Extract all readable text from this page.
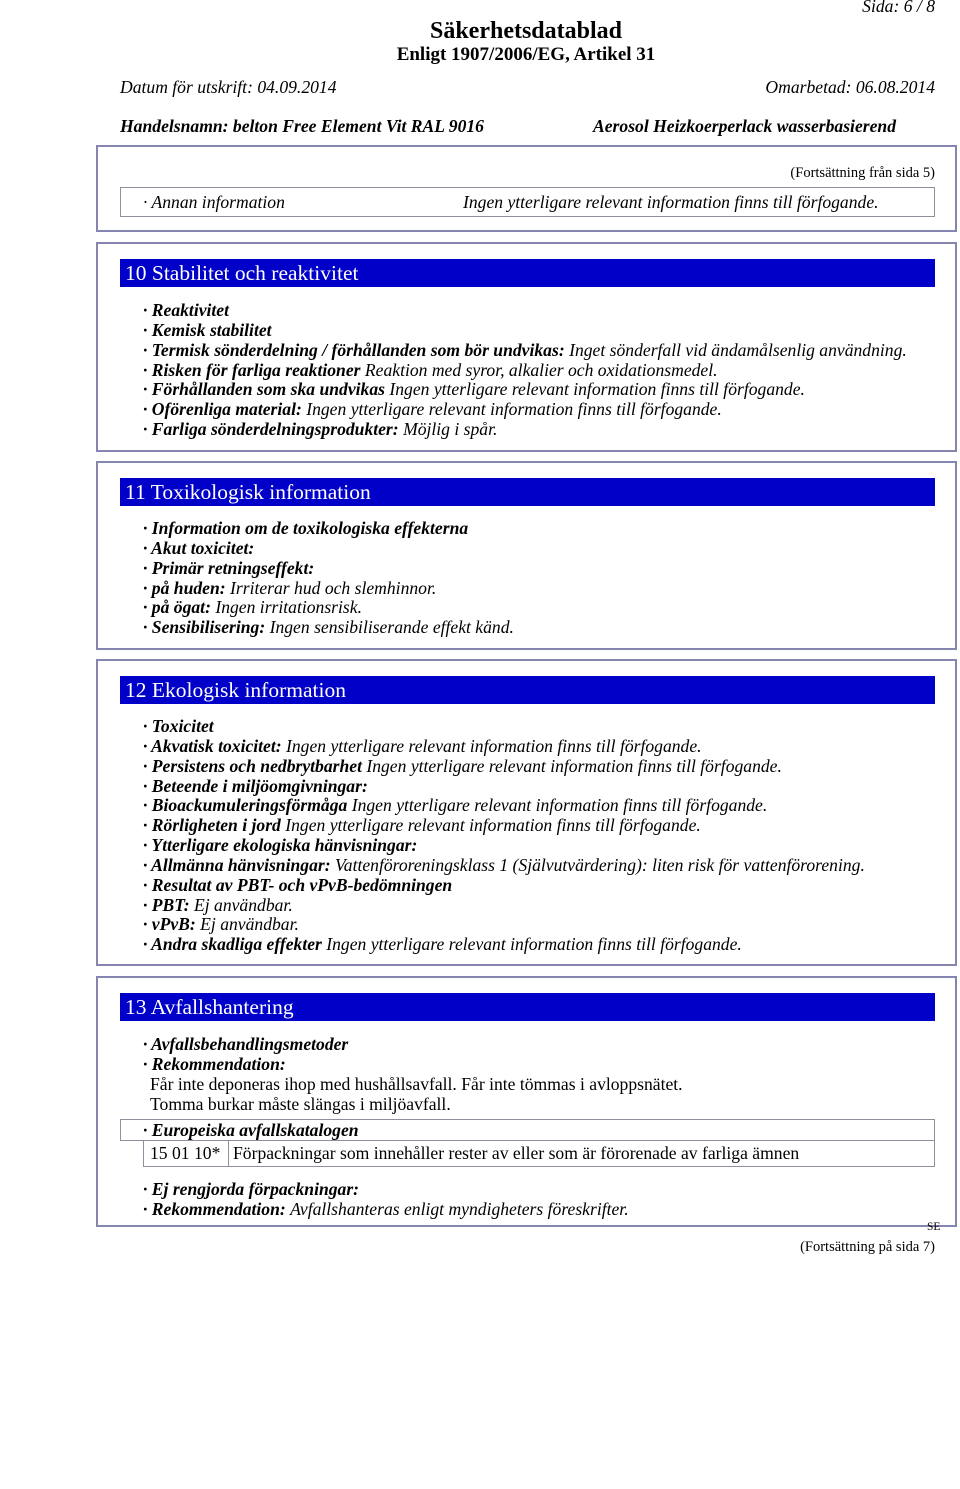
Sida: 6 / 8
Säkerhetsdatablad
Enligt 1907/2006/EG, Artikel 31
Datum för utskrift: 04.09.2014	Omarbetad: 06.08.2014
Handelsnamn: belton Free Element Vit RAL 9016	Aerosol Heizkoerperlack wasserbasierend
(Fortsättning från sida 5)
· Annan information	Ingen ytterligare relevant information finns till förfogande.
10 Stabilitet och reaktivitet
· Reaktivitet
· Kemisk stabilitet
· Termisk sönderdelning / förhållanden som bör undvikas: Inget sönderfall vid ändamålsenlig användning.
· Risken för farliga reaktioner Reaktion med syror, alkalier och oxidationsmedel.
· Förhållanden som ska undvikas Ingen ytterligare relevant information finns till förfogande.
· Oförenliga material: Ingen ytterligare relevant information finns till förfogande.
· Farliga sönderdelningsprodukter: Möjlig i spår.
11 Toxikologisk information
· Information om de toxikologiska effekterna
· Akut toxicitet:
· Primär retningseffekt:
· på huden: Irriterar hud och slemhinnor.
· på ögat: Ingen irritationsrisk.
· Sensibilisering: Ingen sensibiliserande effekt känd.
12 Ekologisk information
· Toxicitet
· Akvatisk toxicitet: Ingen ytterligare relevant information finns till förfogande.
· Persistens och nedbrytbarhet Ingen ytterligare relevant information finns till förfogande.
· Beteende i miljöomgivningar:
· Bioackumuleringsförmåga Ingen ytterligare relevant information finns till förfogande.
· Rörligheten i jord Ingen ytterligare relevant information finns till förfogande.
· Ytterligare ekologiska hänvisningar:
· Allmänna hänvisningar: Vattenföroreningsklass 1 (Självutvärdering): liten risk för vattenförorening.
· Resultat av PBT- och vPvB-bedömningen
· PBT: Ej användbar.
· vPvB: Ej användbar.
· Andra skadliga effekter Ingen ytterligare relevant information finns till förfogande.
13 Avfallshantering
· Avfallsbehandlingsmetoder
· Rekommendation:
Får inte deponeras ihop med hushållsavfall. Får inte tömmas i avloppsnätet.
Tomma burkar måste slängas i miljöavfall.
· Europeiska avfallskatalogen
15 01 10* Förpackningar som innehåller rester av eller som är förorenade av farliga ämnen
· Ej rengjorda förpackningar:
· Rekommendation: Avfallshanteras enligt myndigheters föreskrifter.
SE
(Fortsättning på sida 7)
